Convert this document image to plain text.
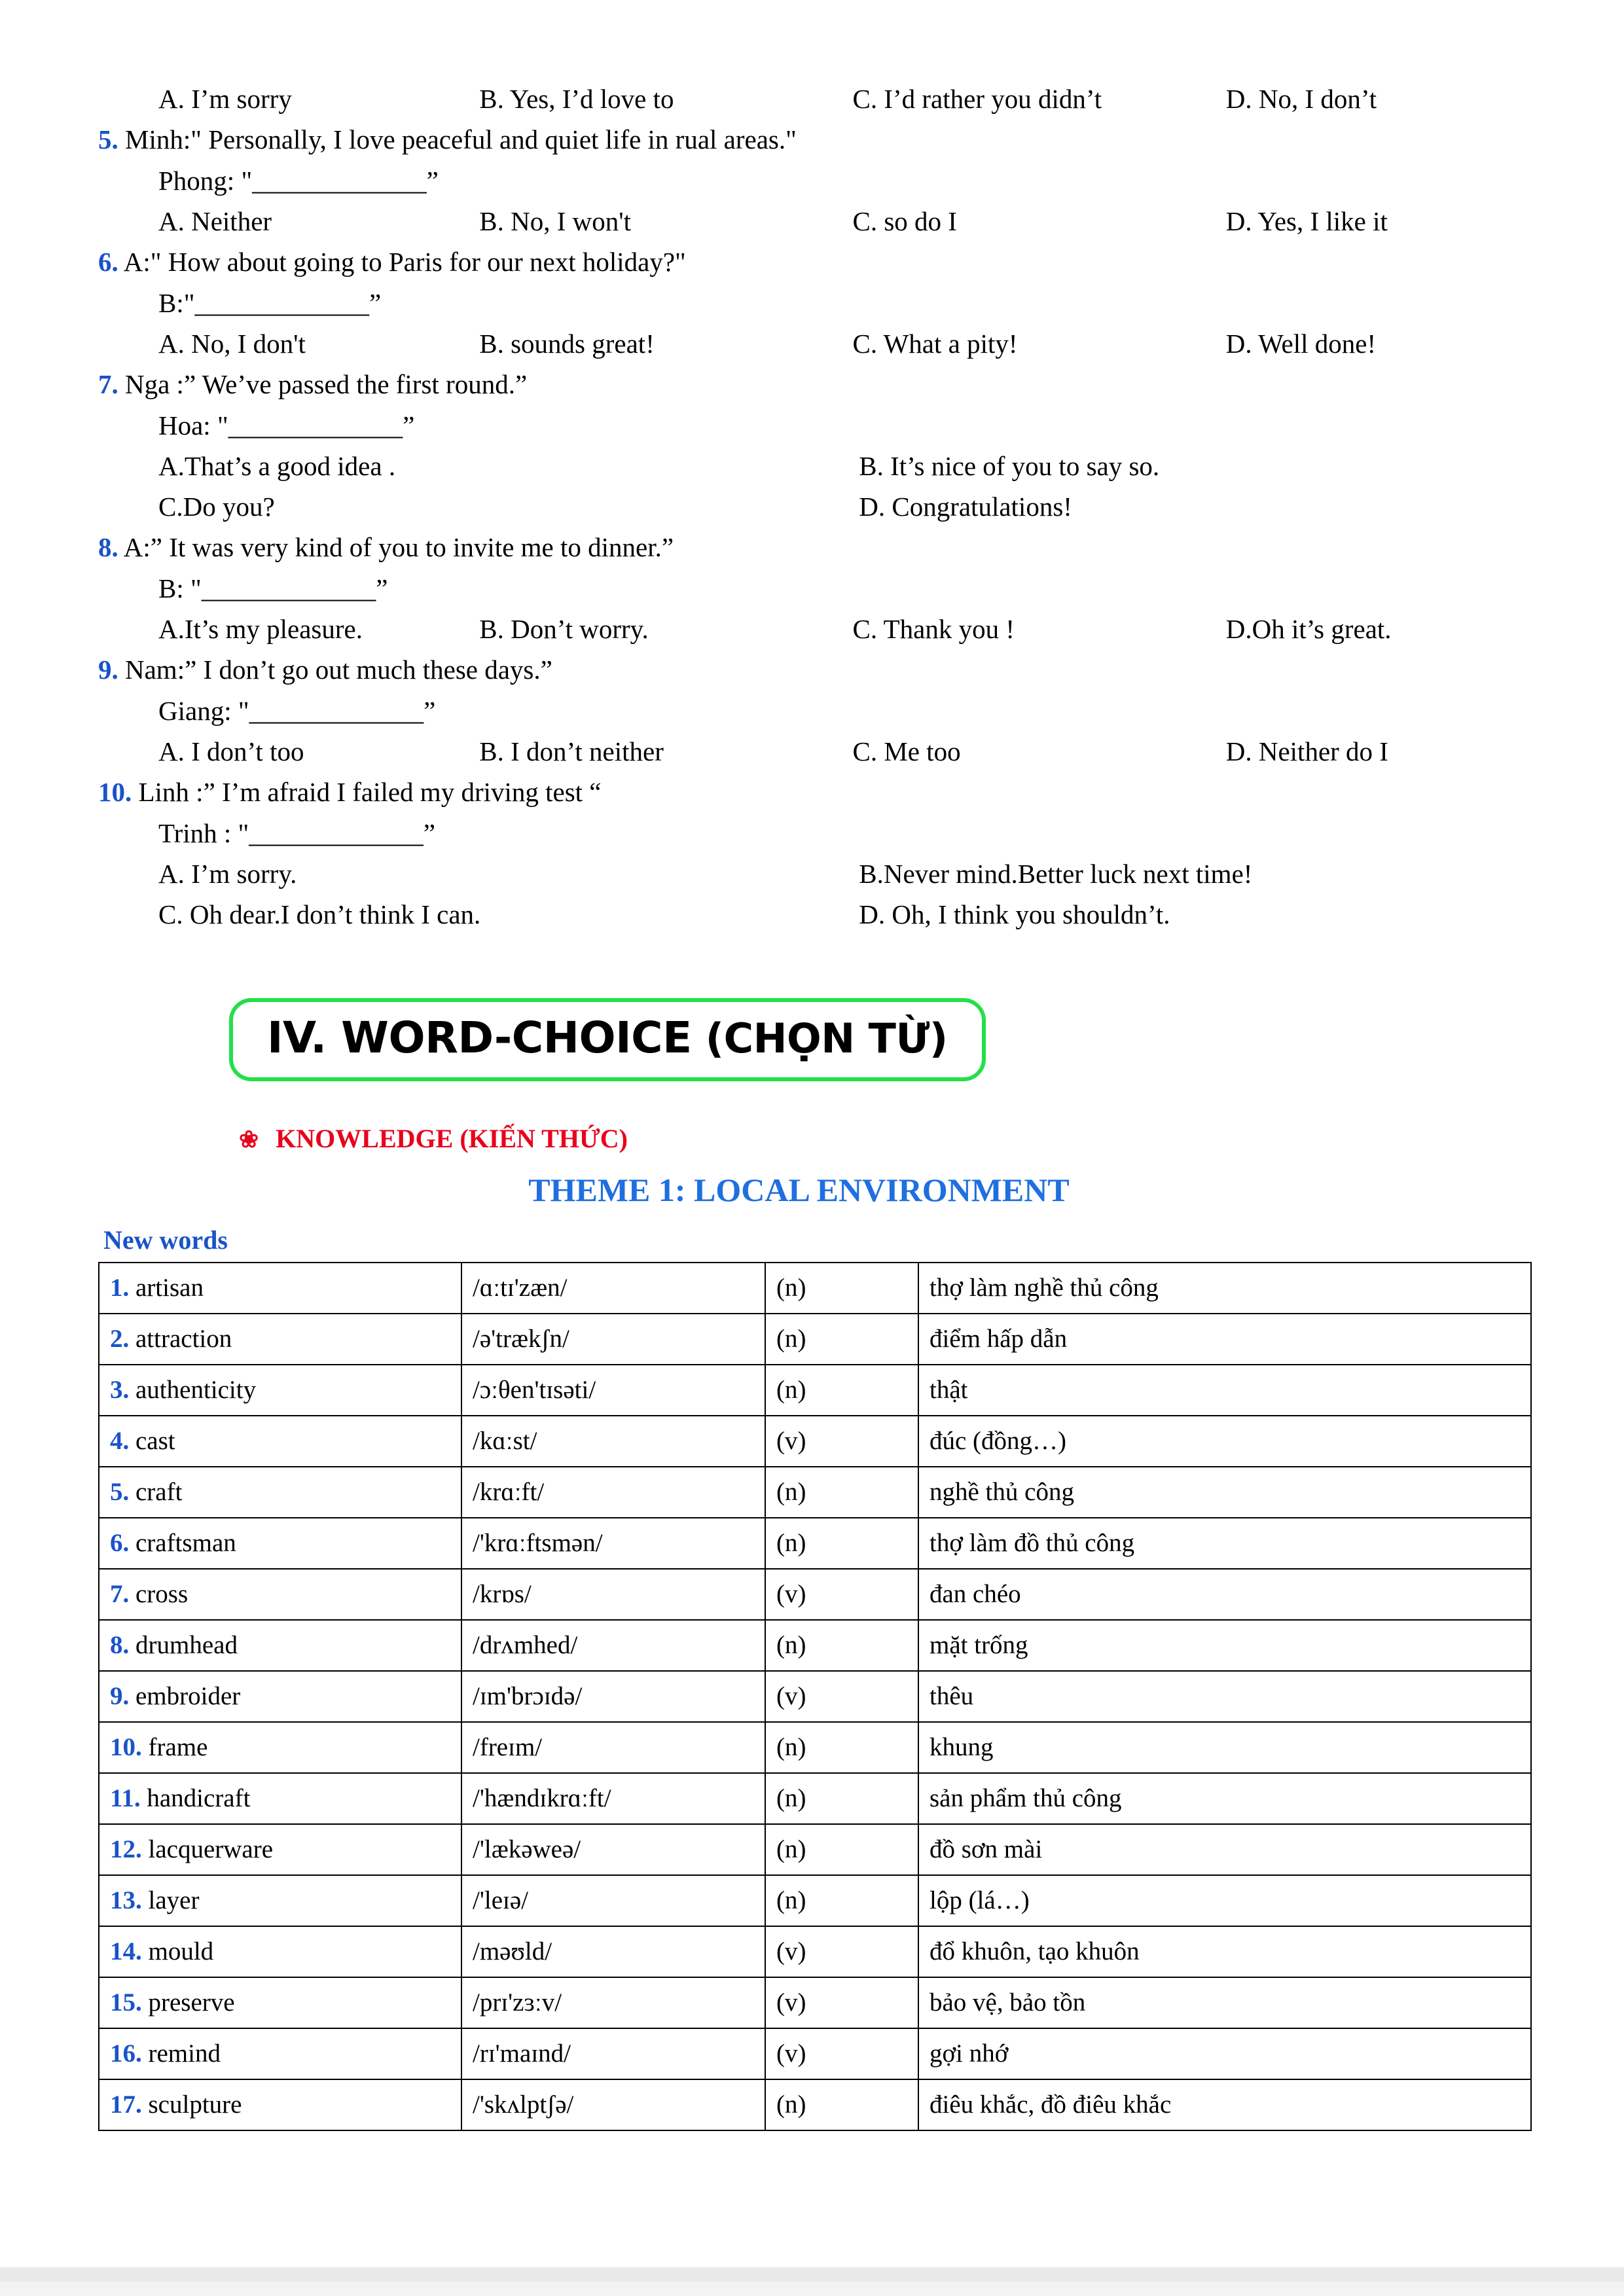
A. I’m sorry	B. Yes, I’d love to	C. I’d rather you didn’t	D. No, I don’t
5. Minh:" Personally, I love peaceful and quiet life in rual areas."
Phong: "_____________”
A. Neither	B. No, I won't	C. so do I	D. Yes, I like it
6. A:" How about going to Paris for our next holiday?"
B:"_____________”
A. No, I don't	B. sounds great!	C. What a pity!	D. Well done!
7. Nga :” We’ve passed the first round.”
Hoa: "_____________”
A.That’s a good idea .	B. It’s nice of you to say so.
C.Do you?	D. Congratulations!
8. A:” It was very kind of you to invite me to dinner.”
B: "_____________”
A.It’s my pleasure.	B. Don’t worry.	C. Thank you !	D.Oh it’s great.
9. Nam:” I don’t go out much these days.”
Giang: "_____________”
A. I don’t too	B. I don’t neither	C. Me too	D. Neither do I
10. Linh :” I’m afraid I failed my driving test “
Trinh : "_____________”
A. I’m sorry.	B.Never mind.Better luck next time!
C. Oh dear.I don’t think I can.	D. Oh, I think you shouldn’t.
IV. WORD-CHOICE (CHỌN TỪ)
❀ KNOWLEDGE (KIẾN THỨC)
THEME 1: LOCAL ENVIRONMENT
New words
1. artisan	/ɑːtɪ'zæn/	(n)	thợ làm nghề thủ công
2. attraction	/ə'trækʃn/	(n)	điểm hấp dẫn
3. authenticity	/ɔːθen'tɪsəti/	(n)	thật
4. cast	/kɑːst/	(v)	đúc (đồng…)
5. craft	/krɑːft/	(n)	nghề thủ công
6. craftsman	/'krɑːftsmən/	(n)	thợ làm đồ thủ công
7. cross	/krɒs/	(v)	đan chéo
8. drumhead	/drʌmhed/	(n)	mặt trống
9. embroider	/ɪm'brɔɪdə/	(v)	thêu
10. frame	/freɪm/	(n)	khung
11. handicraft	/'hændɪkrɑːft/	(n)	sản phẩm thủ công
12. lacquerware	/'lækəweə/	(n)	đồ sơn mài
13. layer	/'leɪə/	(n)	lộp (lá…)
14. mould	/məʊld/	(v)	đổ khuôn, tạo khuôn
15. preserve	/prɪ'zɜːv/	(v)	bảo vệ, bảo tồn
16. remind	/rɪ'maɪnd/	(v)	gợi nhớ
17. sculpture	/'skʌlptʃə/	(n)	điêu khắc, đồ điêu khắc
